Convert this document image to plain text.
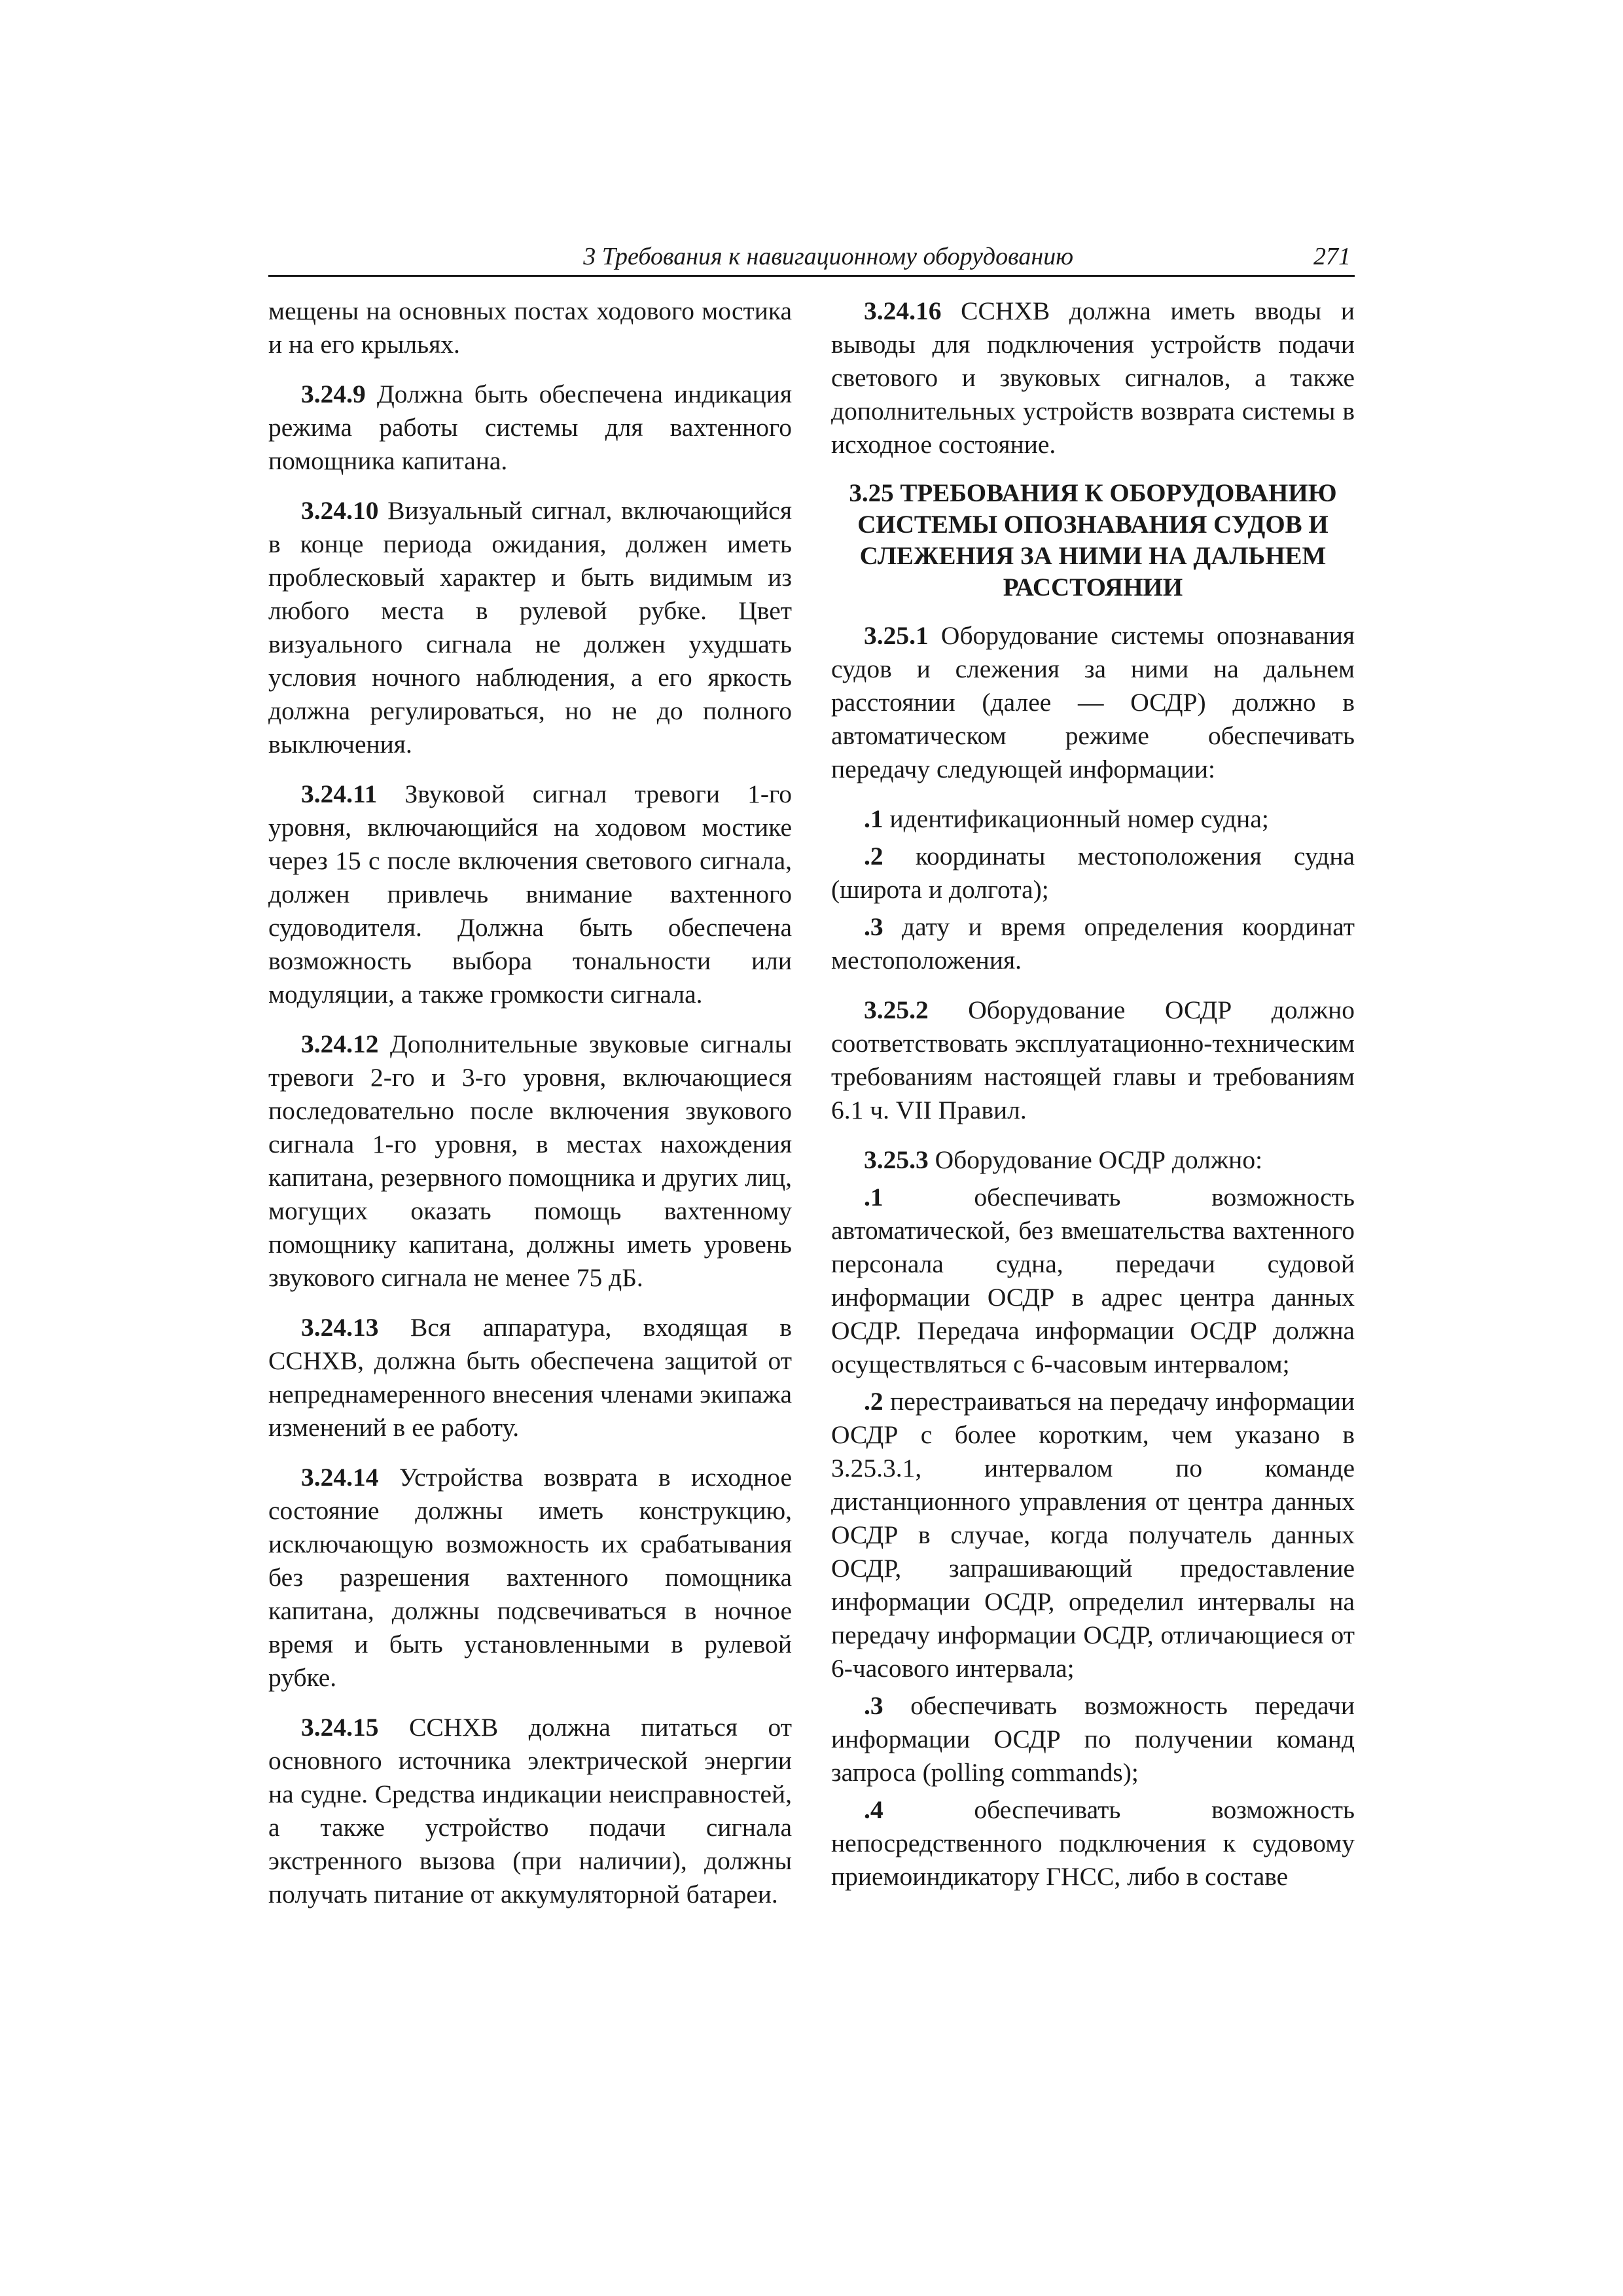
3 Требования к навигационному оборудованию	271

мещены на основных постах ходового мостика и на его крыльях.

3.24.9 Должна быть обеспечена индикация режима работы системы для вахтенного помощника капитана.

3.24.10 Визуальный сигнал, включающийся в конце периода ожидания, должен иметь проблесковый характер и быть видимым из любого места в рулевой рубке. Цвет визуального сигнала не должен ухудшать условия ночного наблюдения, а его яркость должна регулироваться, но не до полного выключения.

3.24.11 Звуковой сигнал тревоги 1-го уровня, включающийся на ходовом мостике через 15 с после включения светового сигнала, должен привлечь внимание вахтенного судоводителя. Должна быть обеспечена возможность выбора тональности или модуляции, а также громкости сигнала.

3.24.12 Дополнительные звуковые сигналы тревоги 2-го и 3-го уровня, включающиеся последовательно после включения звукового сигнала 1-го уровня, в местах нахождения капитана, резервного помощника и других лиц, могущих оказать помощь вахтенному помощнику капитана, должны иметь уровень звукового сигнала не менее 75 дБ.

3.24.13 Вся аппаратура, входящая в ССНХВ, должна быть обеспечена защитой от непреднамеренного внесения членами экипажа изменений в ее работу.

3.24.14 Устройства возврата в исходное состояние должны иметь конструкцию, исключающую возможность их срабатывания без разрешения вахтенного помощника капитана, должны подсвечиваться в ночное время и быть установленными в рулевой рубке.

3.24.15 ССНХВ должна питаться от основного источника электрической энергии на судне. Средства индикации неисправностей, а также устройство подачи сигнала экстренного вызова (при наличии), должны получать питание от аккумуляторной батареи.

3.24.16 ССНХВ должна иметь вводы и выводы для подключения устройств подачи светового и звуковых сигналов, а также дополнительных устройств возврата системы в исходное состояние.

3.25 ТРЕБОВАНИЯ К ОБОРУДОВАНИЮ СИСТЕМЫ ОПОЗНАВАНИЯ СУДОВ И СЛЕЖЕНИЯ ЗА НИМИ НА ДАЛЬНЕМ РАССТОЯНИИ

3.25.1 Оборудование системы опознавания судов и слежения за ними на дальнем расстоянии (далее — ОСДР) должно в автоматическом режиме обеспечивать передачу следующей информации:

.1 идентификационный номер судна;

.2 координаты местоположения судна (широта и долгота);

.3 дату и время определения координат местоположения.

3.25.2 Оборудование ОСДР должно соответствовать эксплуатационно-техническим требованиям настоящей главы и требованиям 6.1 ч. VII Правил.

3.25.3 Оборудование ОСДР должно:

.1	обеспечивать возможность автоматической, без вмешательства вахтенного персонала судна, передачи судовой информации ОСДР в адрес центра данных ОСДР. Передача информации ОСДР должна осуществляться с 6-часовым интервалом;

.2 перестраиваться на передачу информации ОСДР с более коротким, чем указано в 3.25.3.1, интервалом по команде дистанционного управления от центра данных ОСДР в случае, когда получатель данных ОСДР, запрашивающий предоставление информации ОСДР, определил интервалы на передачу информации ОСДР, отличающиеся от 6-часового интервала;

.3 обеспечивать возможность передачи информации ОСДР по получении команд запроса (polling commands);

.4	обеспечивать возможность непосредственного подключения к судовому приемоиндикатору ГНСС, либо в составе
